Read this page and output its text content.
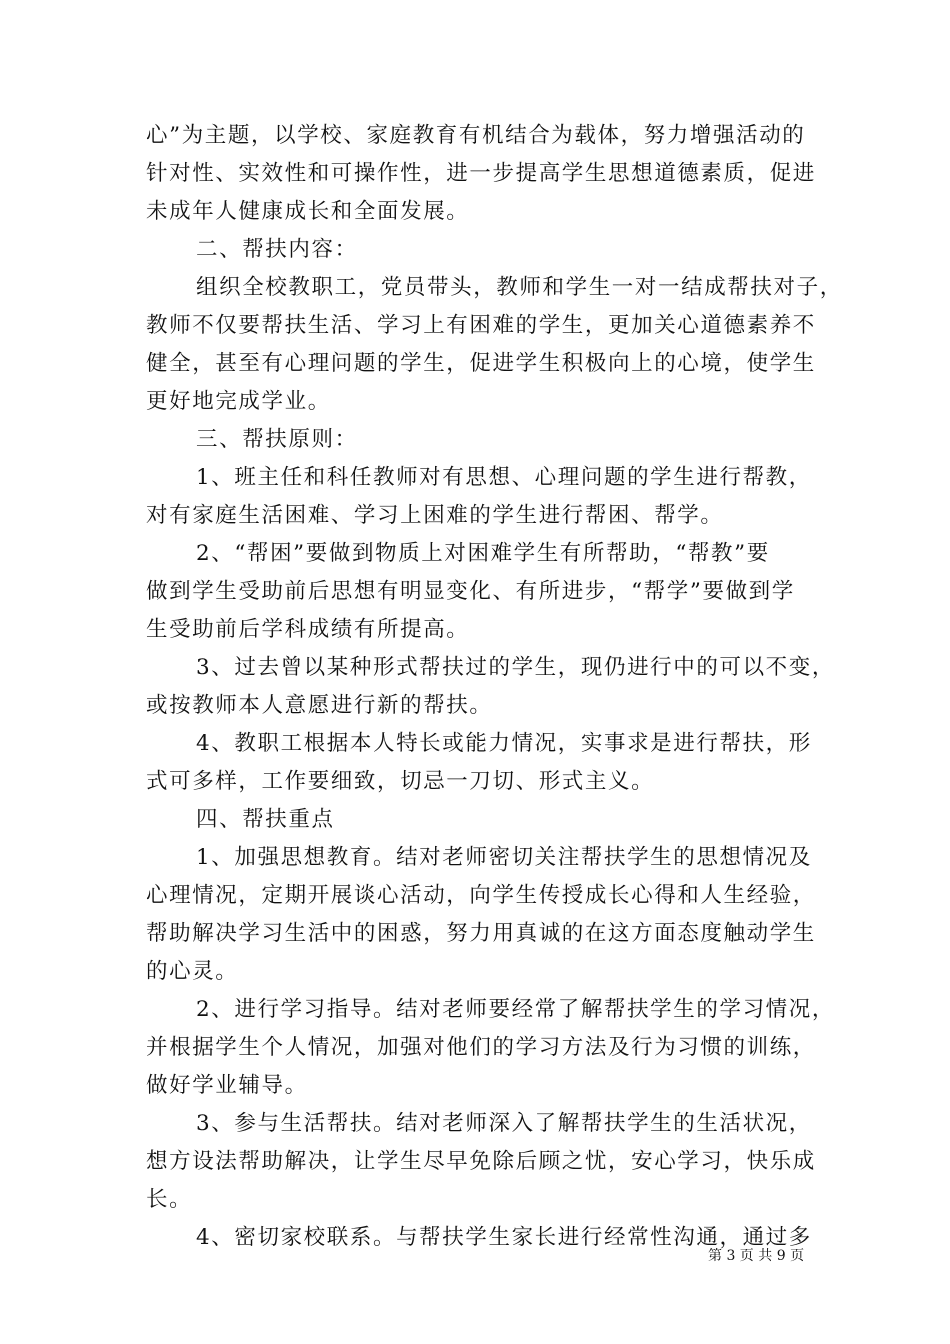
心”为主题，以学校、家庭教育有机结合为载体，努力增强活动的
针对性、实效性和可操作性，进一步提高学生思想道德素质，促进
未成年人健康成长和全面发展。
二、帮扶内容：
组织全校教职工，党员带头，教师和学生一对一结成帮扶对子，
教师不仅要帮扶生活、学习上有困难的学生，更加关心道德素养不
健全，甚至有心理问题的学生，促进学生积极向上的心境，使学生
更好地完成学业。
三、帮扶原则：
1、班主任和科任教师对有思想、心理问题的学生进行帮教，
对有家庭生活困难、学习上困难的学生进行帮困、帮学。
2、“帮困”要做到物质上对困难学生有所帮助，“帮教”要
做到学生受助前后思想有明显变化、有所进步，“帮学”要做到学
生受助前后学科成绩有所提高。
3、过去曾以某种形式帮扶过的学生，现仍进行中的可以不变，
或按教师本人意愿进行新的帮扶。
4、教职工根据本人特长或能力情况，实事求是进行帮扶，形
式可多样，工作要细致，切忌一刀切、形式主义。
四、帮扶重点
1、加强思想教育。结对老师密切关注帮扶学生的思想情况及
心理情况，定期开展谈心活动，向学生传授成长心得和人生经验，
帮助解决学习生活中的困惑，努力用真诚的在这方面态度触动学生
的心灵。
2、进行学习指导。结对老师要经常了解帮扶学生的学习情况，
并根据学生个人情况，加强对他们的学习方法及行为习惯的训练，
做好学业辅导。
3、参与生活帮扶。结对老师深入了解帮扶学生的生活状况，
想方设法帮助解决，让学生尽早免除后顾之忧，安心学习，快乐成
长。
4、密切家校联系。与帮扶学生家长进行经常性沟通，通过多
第 3 页 共 9 页
